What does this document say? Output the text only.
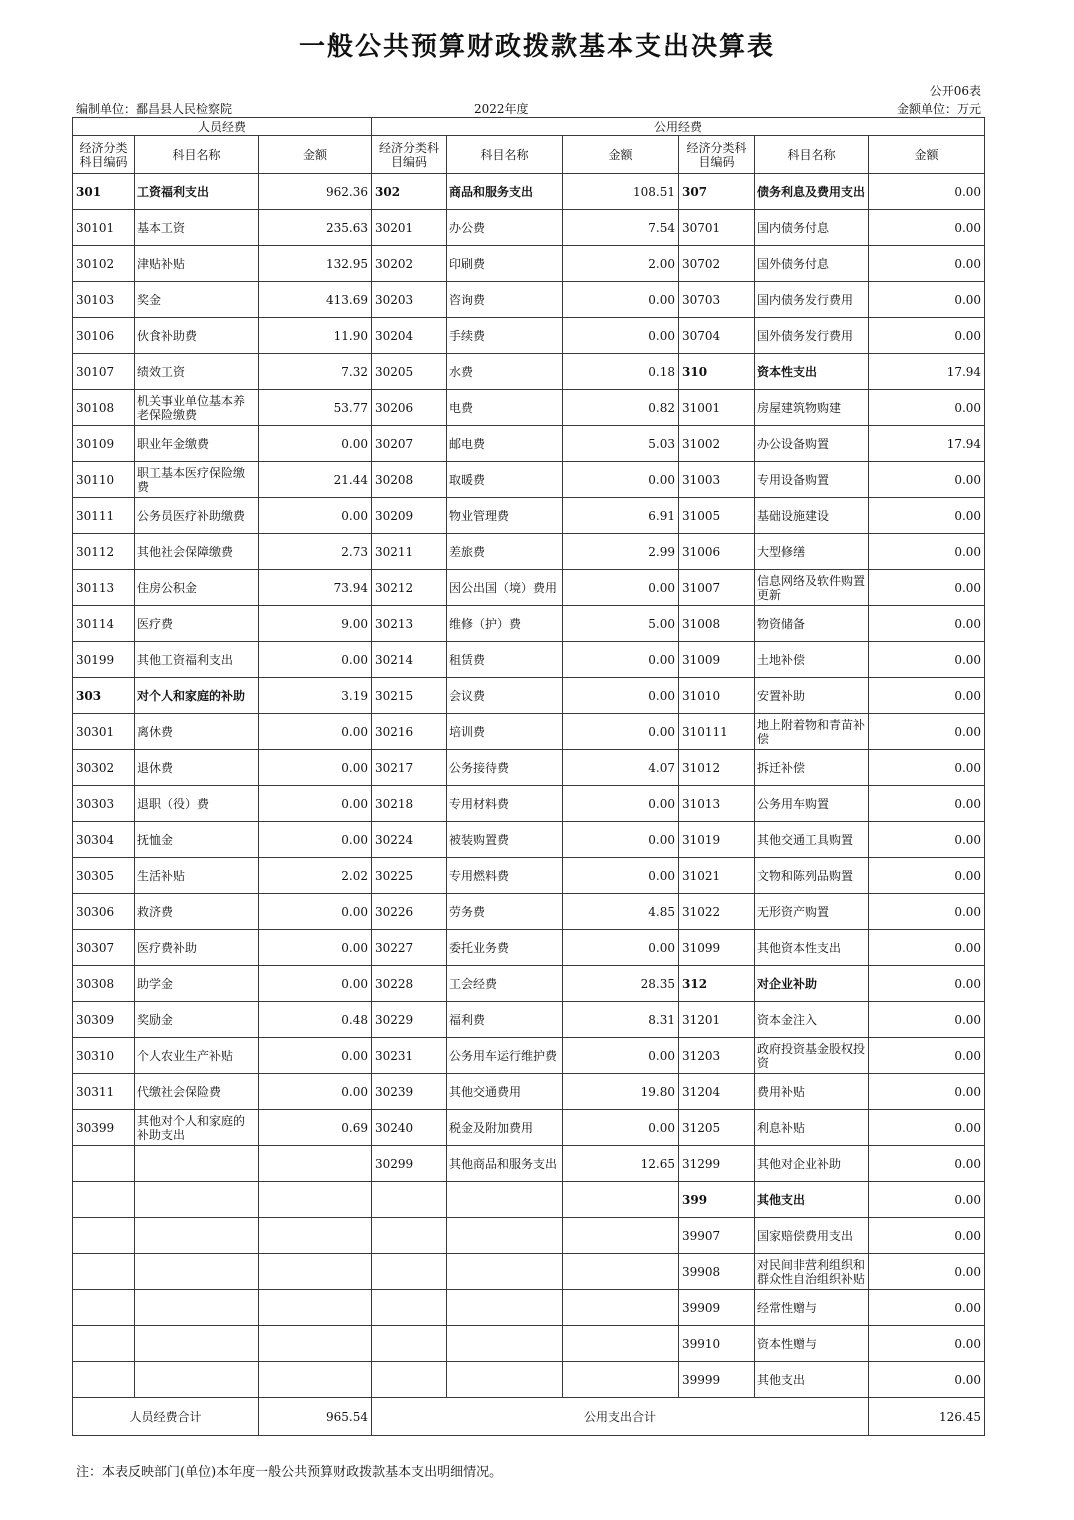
一般公共预算财政拨款基本支出决算表
公开06表
编制单位：鄱昌县人民检察院	2022年度	金额单位：万元
人员经费			公用经费					
经济分类科目编码	科目名称	金额	经济分类科目编码	科目名称	金额	经济分类科目编码	科目名称	金额
301	工资福利支出	962.36	302	商品和服务支出	108.51	307	债务利息及费用支出	0.00
30101	基本工资	235.63	30201	办公费	7.54	30701	国内债务付息	0.00
30102	津贴补贴	132.95	30202	印刷费	2.00	30702	国外债务付息	0.00
30103	奖金	413.69	30203	咨询费	0.00	30703	国内债务发行费用	0.00
30106	伙食补助费	11.90	30204	手续费	0.00	30704	国外债务发行费用	0.00
30107	绩效工资	7.32	30205	水费	0.18	310	资本性支出	17.94
30108	机关事业单位基本养老保险缴费	53.77	30206	电费	0.82	31001	房屋建筑物购建	0.00
30109	职业年金缴费	0.00	30207	邮电费	5.03	31002	办公设备购置	17.94
30110	职工基本医疗保险缴费	21.44	30208	取暖费	0.00	31003	专用设备购置	0.00
30111	公务员医疗补助缴费	0.00	30209	物业管理费	6.91	31005	基础设施建设	0.00
30112	其他社会保障缴费	2.73	30211	差旅费	2.99	31006	大型修缮	0.00
30113	住房公积金	73.94	30212	因公出国（境）费用	0.00	31007	信息网络及软件购置更新	0.00
30114	医疗费	9.00	30213	维修（护）费	5.00	31008	物资储备	0.00
30199	其他工资福利支出	0.00	30214	租赁费	0.00	31009	土地补偿	0.00
303	对个人和家庭的补助	3.19	30215	会议费	0.00	31010	安置补助	0.00
30301	离休费	0.00	30216	培训费	0.00	310111	地上附着物和青苗补偿	0.00
30302	退休费	0.00	30217	公务接待费	4.07	31012	拆迁补偿	0.00
30303	退职（役）费	0.00	30218	专用材料费	0.00	31013	公务用车购置	0.00
30304	抚恤金	0.00	30224	被装购置费	0.00	31019	其他交通工具购置	0.00
30305	生活补贴	2.02	30225	专用燃料费	0.00	31021	文物和陈列品购置	0.00
30306	救济费	0.00	30226	劳务费	4.85	31022	无形资产购置	0.00
30307	医疗费补助	0.00	30227	委托业务费	0.00	31099	其他资本性支出	0.00
30308	助学金	0.00	30228	工会经费	28.35	312	对企业补助	0.00
30309	奖励金	0.48	30229	福利费	8.31	31201	资本金注入	0.00
30310	个人农业生产补贴	0.00	30231	公务用车运行维护费	0.00	31203	政府投资基金股权投资	0.00
30311	代缴社会保险费	0.00	30239	其他交通费用	19.80	31204	费用补贴	0.00
30399	其他对个人和家庭的补助支出	0.69	30240	税金及附加费用	0.00	31205	利息补贴	0.00
			30299	其他商品和服务支出	12.65	31299	其他对企业补助	0.00
						399	其他支出	0.00
						39907	国家赔偿费用支出	0.00
						39908	对民间非营利组织和群众性自治组织补贴	0.00
						39909	经常性赠与	0.00
						39910	资本性赠与	0.00
						39999	其他支出	0.00
人员经费合计		965.54	公用支出合计					126.45
注：本表反映部门(单位)本年度一般公共预算财政拨款基本支出明细情况。
